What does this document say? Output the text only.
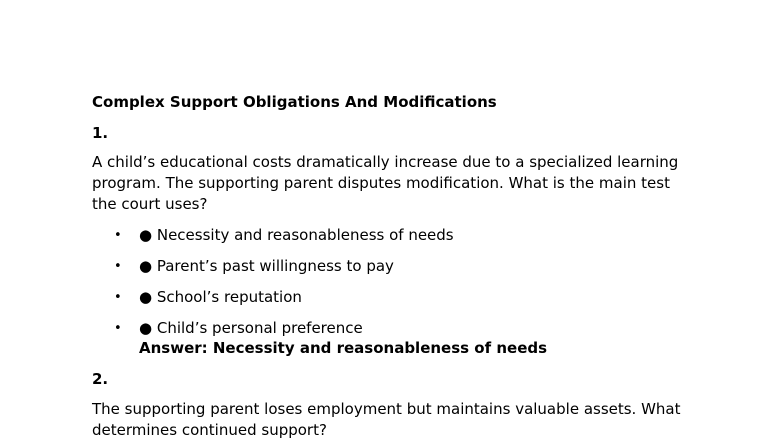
Complex Support Obligations And Modifications
1.
A child’s educational costs dramatically increase due to a specialized learning program. The supporting parent disputes modification. What is the main test the court uses?
• ● Necessity and reasonableness of needs
• ● Parent’s past willingness to pay
• ● School’s reputation
• ● Child’s personal preference
Answer: Necessity and reasonableness of needs
2.
The supporting parent loses employment but maintains valuable assets. What determines continued support?
